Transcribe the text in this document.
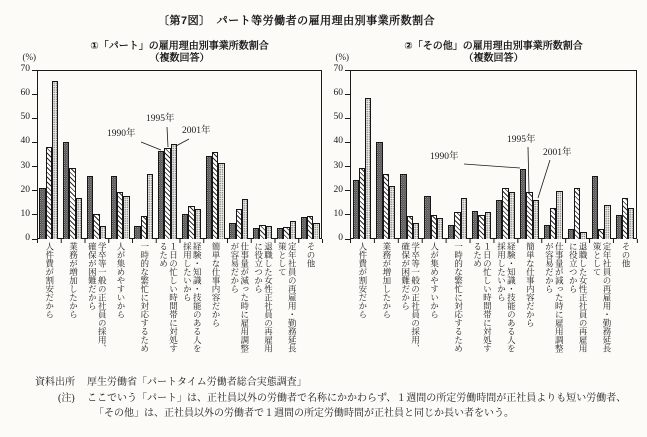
〔第7図〕　パート等労働者の雇用理由別事業所数割合
①「パート」の雇用理由別事業所数割合
（複数回答）
(%)
0
10
20
30
40
50
60
70
1990年
1995年
2001年
人件費が割安だから 業務が増加したから	学卒等一般の正社員の採用、確保が困難だから	人が集めやすいから 一時的な繁忙に対応するため	１日の忙しい時間帯に対処するため	経験・知識・技能のある人を採用したいから	簡単な仕事内容だから	仕事量が減った時に雇用調整が容易だから	退職した女性正社員の再雇用に役立つから	定年社員の再雇用・勤務延長策として	その他
②「その他」の雇用理由別事業所数割合
（複数回答）
(%)
0
10
20
30
40
50
60
70
1990年
1995年
2001年
人件費が割安だから 業務が増加したから	学卒等一般の正社員の採用、確保が困難だから	人が集めやすいから 一時的な繁忙に対応するため	１日の忙しい時間帯に対処するため	経験・知識・技能のある人を採用したいから	簡単な仕事内容だから	仕事量が減った時に雇用調整が容易だから	退職した女性正社員の再雇用に役立つから	定年社員の再雇用・勤務延長策として	その他
資料出所 厚生労働省「パートタイム労働者総合実態調査」
(注) ここでいう「パート」は、正社員以外の労働者で名称にかかわらず、１週間の所定労働時間が正社員よりも短い労働者、
「その他」は、正社員以外の労働者で１週間の所定労働時間が正社員と同じか長い者をいう。
